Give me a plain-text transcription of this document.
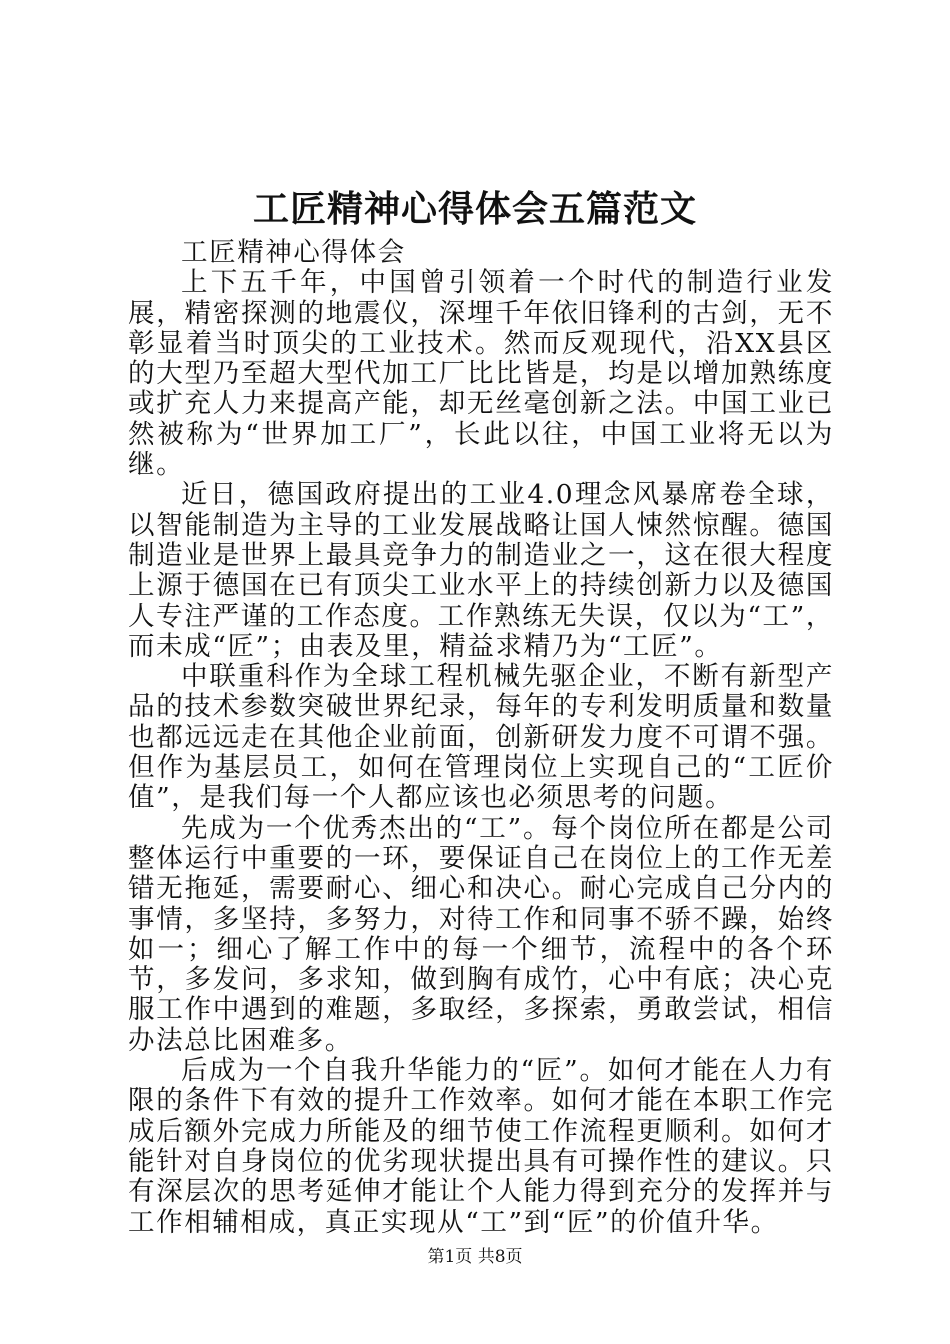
工匠精神心得体会五篇范文

工匠精神心得体会

上下五千年，中国曾引领着一个时代的制造行业发展，精密探测的地震仪，深埋千年依旧锋利的古剑，无不彰显着当时顶尖的工业技术。然而反观现代，沿XX县区的大型乃至超大型代加工厂比比皆是，均是以增加熟练度或扩充人力来提高产能，却无丝毫创新之法。中国工业已然被称为“世界加工厂”，长此以往，中国工业将无以为继。

近日，德国政府提出的工业4.0理念风暴席卷全球，以智能制造为主导的工业发展战略让国人悚然惊醒。德国制造业是世界上最具竞争力的制造业之一，这在很大程度上源于德国在已有顶尖工业水平上的持续创新力以及德国人专注严谨的工作态度。工作熟练无失误，仅以为“工”，而未成“匠”；由表及里，精益求精乃为“工匠”。

中联重科作为全球工程机械先驱企业，不断有新型产品的技术参数突破世界纪录，每年的专利发明质量和数量也都远远走在其他企业前面，创新研发力度不可谓不强。但作为基层员工，如何在管理岗位上实现自己的“工匠价值”，是我们每一个人都应该也必须思考的问题。

先成为一个优秀杰出的“工”。每个岗位所在都是公司整体运行中重要的一环，要保证自己在岗位上的工作无差错无拖延，需要耐心、细心和决心。耐心完成自己分内的事情，多坚持，多努力，对待工作和同事不骄不躁，始终如一；细心了解工作中的每一个细节，流程中的各个环节，多发问，多求知，做到胸有成竹，心中有底；决心克服工作中遇到的难题，多取经，多探索，勇敢尝试，相信办法总比困难多。

后成为一个自我升华能力的“匠”。如何才能在人力有限的条件下有效的提升工作效率。如何才能在本职工作完成后额外完成力所能及的细节使工作流程更顺利。如何才能针对自身岗位的优劣现状提出具有可操作性的建议。只有深层次的思考延伸才能让个人能力得到充分的发挥并与工作相辅相成，真正实现从“工”到“匠”的价值升华。

第1页 共8页
